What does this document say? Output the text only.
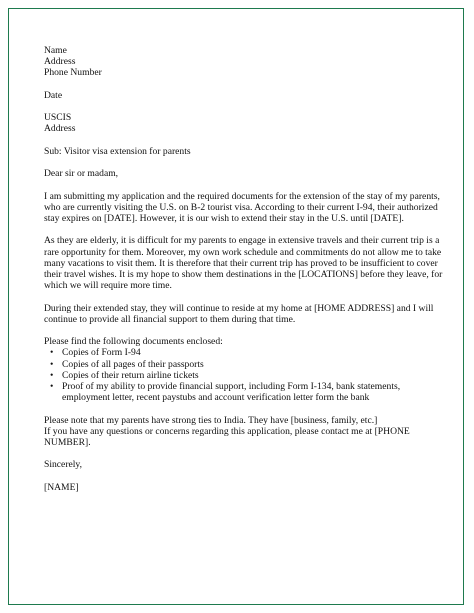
Name
Address
Phone Number
Date
USCIS
Address
Sub: Visitor visa extension for parents
Dear sir or madam,

I am submitting my application and the required documents for the extension of the stay of my parents,
who are currently visiting the U.S. on B-2 tourist visa. According to their current I-94, their authorized
stay expires on [DATE]. However, it is our wish to extend their stay in the U.S. until [DATE].

As they are elderly, it is difficult for my parents to engage in extensive travels and their current trip is a
rare opportunity for them. Moreover, my own work schedule and commitments do not allow me to take
many vacations to visit them. It is therefore that their current trip has proved to be insufficient to cover
their travel wishes. It is my hope to show them destinations in the [LOCATIONS] before they leave, for
which we will require more time.

During their extended stay, they will continue to reside at my home at [HOME ADDRESS] and I will
continue to provide all financial support to them during that time.

Please find the following documents enclosed:
• Copies of Form I-94
• Copies of all pages of their passports
• Copies of their return airline tickets
• Proof of my ability to provide financial support, including Form I-134, bank statements,
employment letter, recent paystubs and account verification letter form the bank

Please note that my parents have strong ties to India. They have [business, family, etc.]
If you have any questions or concerns regarding this application, please contact me at [PHONE
NUMBER].

Sincerely,
[NAME]
